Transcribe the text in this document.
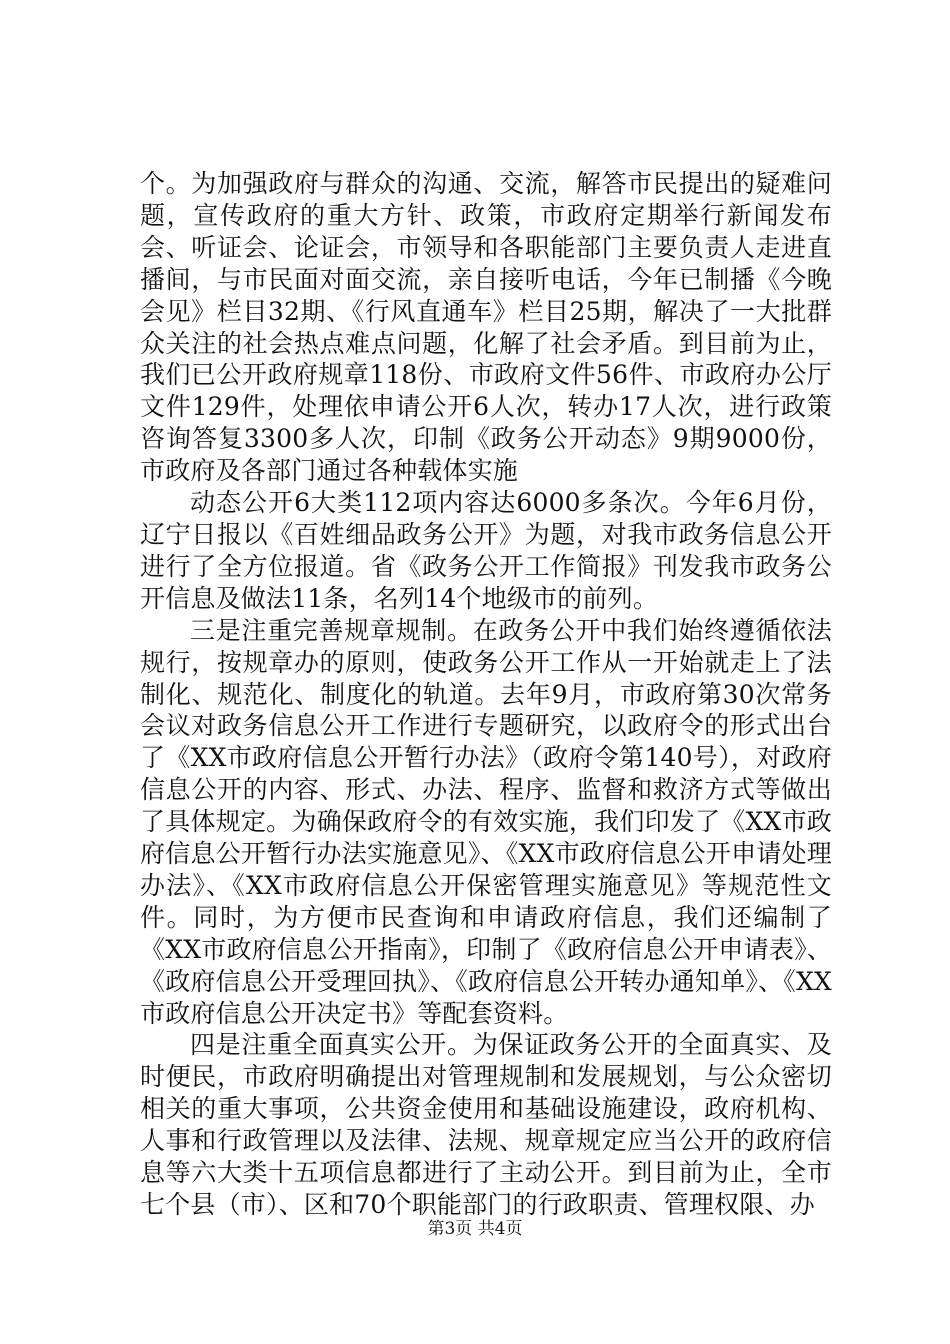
个。为加强政府与群众的沟通、交流，解答市民提出的疑难问题，宣传政府的重大方针、政策，市政府定期举行新闻发布会、听证会、论证会，市领导和各职能部门主要负责人走进直播间，与市民面对面交流，亲自接听电话，今年已制播《今晚会见》栏目32期、《行风直通车》栏目25期，解决了一大批群众关注的社会热点难点问题，化解了社会矛盾。到目前为止，我们已公开政府规章118份、市政府文件56件、市政府办公厅文件129件，处理依申请公开6人次，转办17人次，进行政策咨询答复3300多人次，印制《政务公开动态》9期9000份，市政府及各部门通过各种载体实施

动态公开6大类112项内容达6000多条次。今年6月份，辽宁日报以《百姓细品政务公开》为题，对我市政务信息公开进行了全方位报道。省《政务公开工作简报》刊发我市政务公开信息及做法11条，名列14个地级市的前列。

三是注重完善规章规制。在政务公开中我们始终遵循依法规行，按规章办的原则，使政务公开工作从一开始就走上了法制化、规范化、制度化的轨道。去年9月，市政府第30次常务会议对政务信息公开工作进行专题研究，以政府令的形式出台了《XX市政府信息公开暂行办法》（政府令第140号），对政府信息公开的内容、形式、办法、程序、监督和救济方式等做出了具体规定。为确保政府令的有效实施，我们印发了《XX市政府信息公开暂行办法实施意见》、《XX市政府信息公开申请处理办法》、《XX市政府信息公开保密管理实施意见》等规范性文件。同时，为方便市民查询和申请政府信息，我们还编制了《XX市政府信息公开指南》，印制了《政府信息公开申请表》、《政府信息公开受理回执》、《政府信息公开转办通知单》、《XX市政府信息公开决定书》等配套资料。

四是注重全面真实公开。为保证政务公开的全面真实、及时便民，市政府明确提出对管理规制和发展规划，与公众密切相关的重大事项，公共资金使用和基础设施建设，政府机构、人事和行政管理以及法律、法规、规章规定应当公开的政府信息等六大类十五项信息都进行了主动公开。到目前为止，全市七个县（市）、区和70个职能部门的行政职责、管理权限、办

第3页 共4页
